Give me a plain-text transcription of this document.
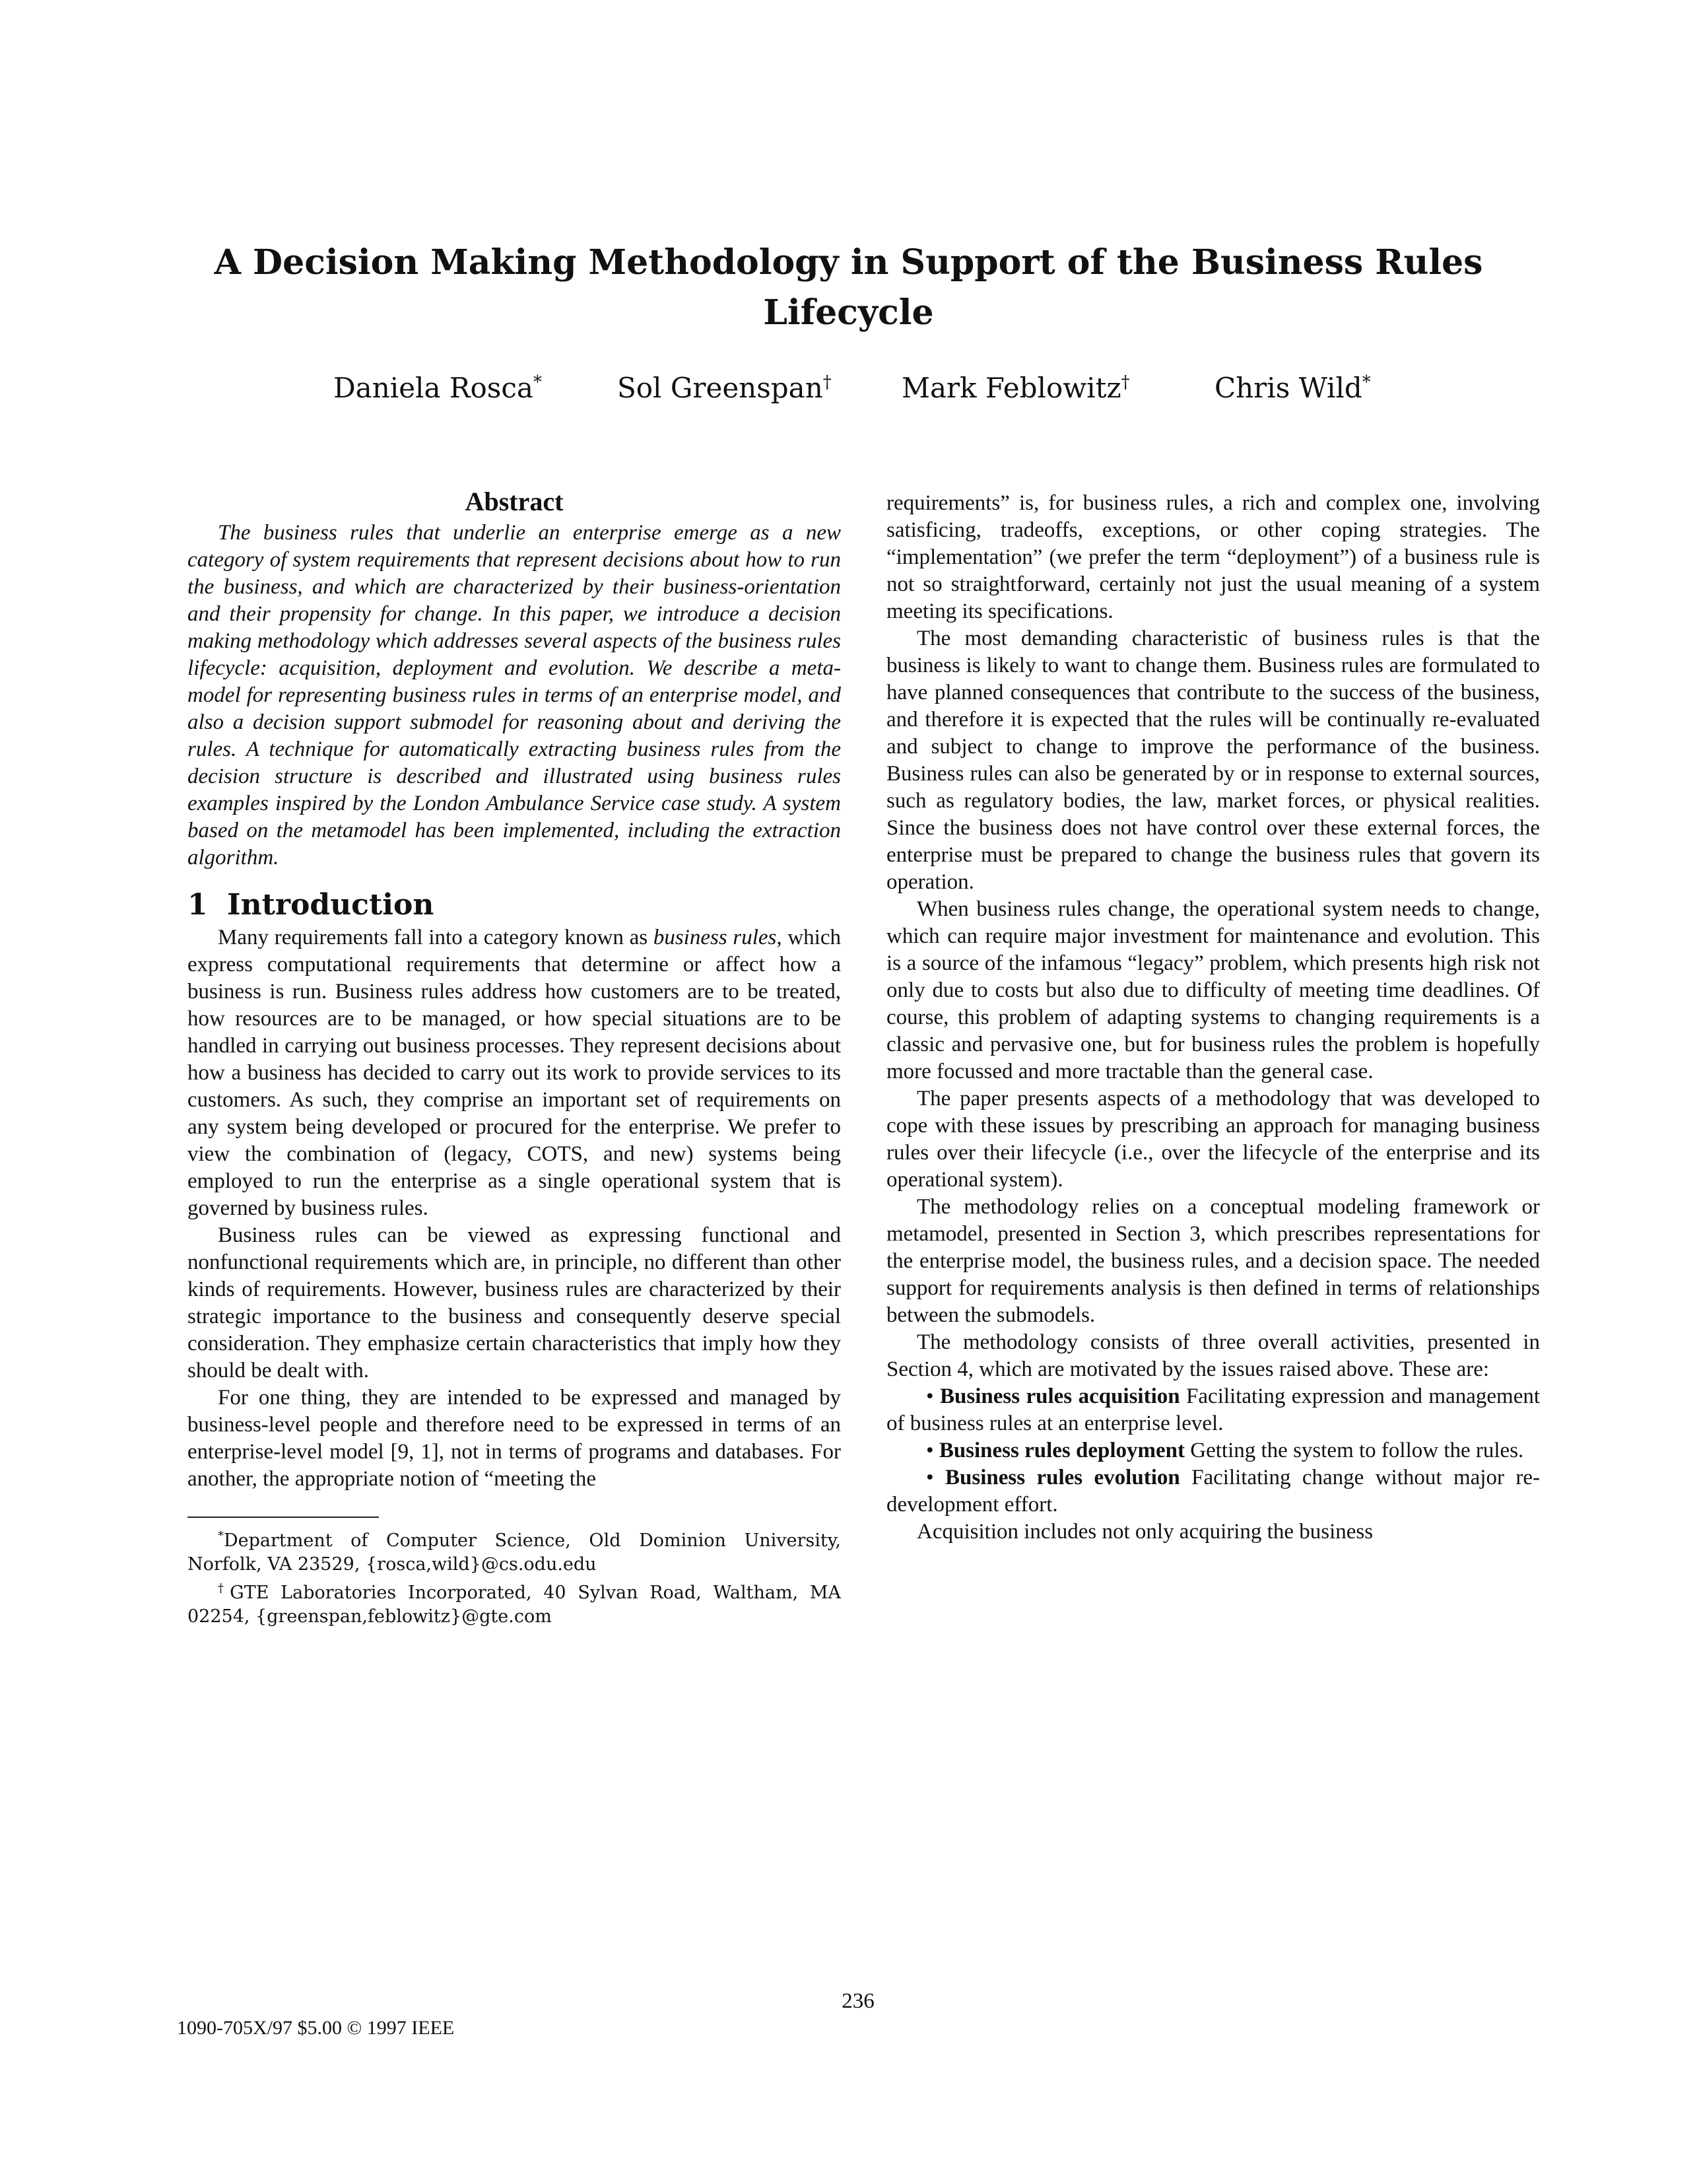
A Decision Making Methodology in Support of the Business Rules Lifecycle
Daniela Rosca*	Sol Greenspan†	Mark Feblowitz†	Chris Wild*
Abstract

The business rules that underlie an enterprise emerge as a new category of system requirements that represent decisions about how to run the business, and which are characterized by their business-orientation and their propensity for change. In this paper, we introduce a decision making methodology which addresses several aspects of the business rules lifecycle: acquisition, deployment and evolution. We describe a meta-model for representing business rules in terms of an enterprise model, and also a decision support submodel for reasoning about and deriving the rules. A technique for automatically extracting business rules from the decision structure is described and illustrated using business rules examples inspired by the London Ambulance Service case study. A system based on the metamodel has been implemented, including the extraction algorithm.

1 Introduction

Many requirements fall into a category known as business rules, which express computational requirements that determine or affect how a business is run. Business rules address how customers are to be treated, how resources are to be managed, or how special situations are to be handled in carrying out business processes. They represent decisions about how a business has decided to carry out its work to provide services to its customers. As such, they comprise an important set of requirements on any system being developed or procured for the enterprise. We prefer to view the combination of (legacy, COTS, and new) systems being employed to run the enterprise as a single operational system that is governed by business rules.

Business rules can be viewed as expressing functional and nonfunctional requirements which are, in principle, no different than other kinds of requirements. However, business rules are characterized by their strategic importance to the business and consequently deserve special consideration. They emphasize certain characteristics that imply how they should be dealt with.

For one thing, they are intended to be expressed and managed by business-level people and therefore need to be expressed in terms of an enterprise-level model [9, 1], not in terms of programs and databases. For another, the appropriate notion of “meeting the

*Department of Computer Science, Old Dominion University, Norfolk, VA 23529, {rosca,wild}@cs.odu.edu

†GTE Laboratories Incorporated, 40 Sylvan Road, Waltham, MA 02254, {greenspan,feblowitz}@gte.com

requirements” is, for business rules, a rich and complex one, involving satisficing, tradeoffs, exceptions, or other coping strategies. The “implementation” (we prefer the term “deployment”) of a business rule is not so straightforward, certainly not just the usual meaning of a system meeting its specifications.

The most demanding characteristic of business rules is that the business is likely to want to change them. Business rules are formulated to have planned consequences that contribute to the success of the business, and therefore it is expected that the rules will be continually re-evaluated and subject to change to improve the performance of the business. Business rules can also be generated by or in response to external sources, such as regulatory bodies, the law, market forces, or physical realities. Since the business does not have control over these external forces, the enterprise must be prepared to change the business rules that govern its operation.

When business rules change, the operational system needs to change, which can require major investment for maintenance and evolution. This is a source of the infamous “legacy” problem, which presents high risk not only due to costs but also due to difficulty of meeting time deadlines. Of course, this problem of adapting systems to changing requirements is a classic and pervasive one, but for business rules the problem is hopefully more focussed and more tractable than the general case.

The paper presents aspects of a methodology that was developed to cope with these issues by prescribing an approach for managing business rules over their lifecycle (i.e., over the lifecycle of the enterprise and its operational system).

The methodology relies on a conceptual modeling framework or metamodel, presented in Section 3, which prescribes representations for the enterprise model, the business rules, and a decision space. The needed support for requirements analysis is then defined in terms of relationships between the submodels.

The methodology consists of three overall activities, presented in Section 4, which are motivated by the issues raised above. These are:

• Business rules acquisition Facilitating expression and management of business rules at an enterprise level.

• Business rules deployment Getting the system to follow the rules.

• Business rules evolution Facilitating change without major re-development effort.

Acquisition includes not only acquiring the business

236
1090-705X/97 $5.00 © 1997 IEEE
